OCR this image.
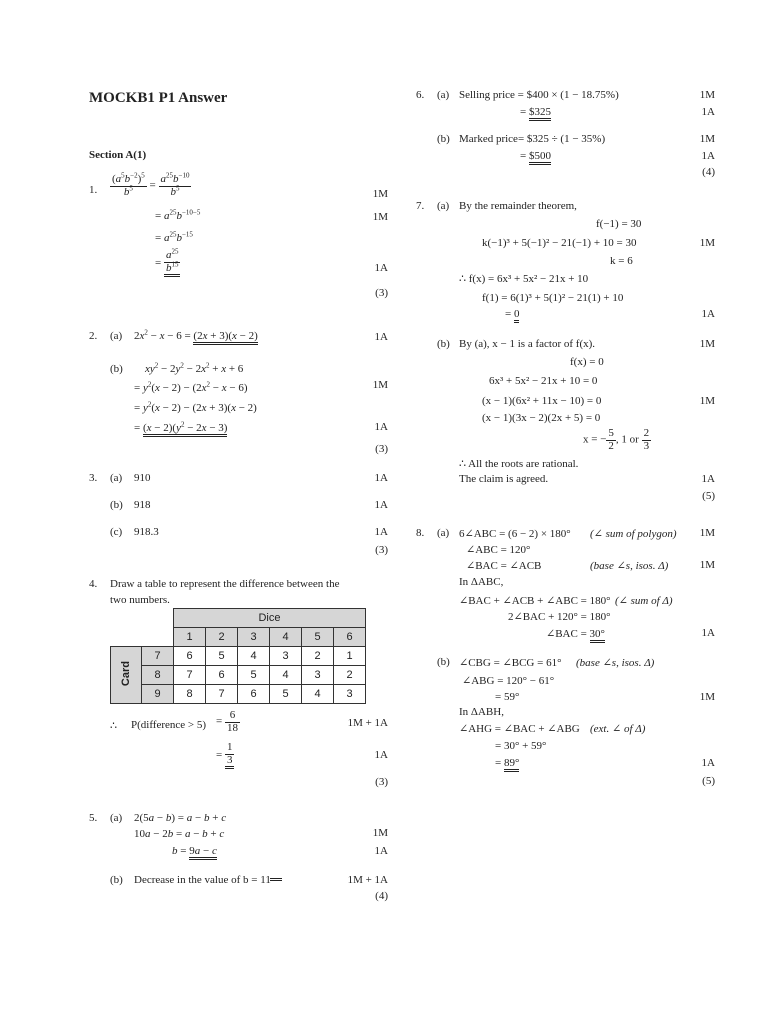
MOCKB1 P1 Answer
Section A(1)
1. $\frac{(a^5b^{-2})^5}{b^5} = \frac{a^{25}b^{-10}}{b^5}$
= $a^{25}b^{-10-5}$
= $a^{25}b^{-15}$
= $\frac{a^{25}}{b^{15}}$
1M
1M
1A
(3)
2. (a) $2x^2 - x - 6 = (2x + 3)(x - 2)$	1A
(b) $xy^2 - 2y^2 - 2x^2 + x + 6$
= $y^2(x - 2) - (2x^2 - x - 6)$
= $y^2(x - 2) - (2x + 3)(x - 2)$
= $(x - 2)(y^2 - 2x - 3)$
1M
1A
(3)
3. (a) 910	1A
(b) 918	1A
(c) 918.3	1A
(3)
4. Draw a table to represent the difference between the
two numbers.
		Dice					
		1	2	3	4	5	6
Card	7	6	5	4	3	2	1
	8	7	6	5	4	3	2
	9	8	7	6	5	4	3
∴ P(difference > $5) = \frac{6}{18}$
= $\frac{1}{3}$
1M + 1A
1A
(3)
5. (a) 2(5a − b) = a − b + c
10a − 2b = a − b + c
b = 9a − c
1M
1A
(b) Decrease in the value of b = 11	1M + 1A
(4)
6. (a) Selling price = $400 × (1 − 18.75%)
= $325
1M
1A
(b) Marked price= $325 ÷ (1 − 35%)
= $500
1M
1A
(4)
7. (a) By the remainder theorem,
f(−1) = 30
k(−1)³ + 5(−1)² − 21(−1) + 10 = 30
k = 6
∴ f(x) = 6x³ + 5x² − 21x + 10
f(1) = 6(1)³ + 5(1)² − 21(1) + 10
= 0
1M
1A
(b) By (a), x − 1 is a factor of f(x).
f(x) = 0
6x³ + 5x² − 21x + 10 = 0
(x − 1)(6x² + 11x − 10) = 0
(x − 1)(3x − 2)(2x + 5) = 0
x = − $\frac{5}{2}$ , 1 or $\frac{2}{3}$
∴ All the roots are rational.
The claim is agreed.
1M
1M
1A
(5)
8. (a) 6∠ABC = (6 − 2) × 180° (∠ sum of polygon)
∠ABC = 120°
∠BAC = ∠ACB	(base ∠s, isos. Δ)
In ΔABC,
∠BAC + ∠ACB + ∠ABC = 180° (∠ sum of Δ)
2∠BAC + 120° = 180°
∠BAC = 30°
1M
1M
1A
(b) ∠CBG = ∠BCG = 61° (base ∠s, isos. Δ)
∠ABG = 120° − 61°
= 59°
In ΔABH,
∠AHG = ∠BAC + ∠ABG (ext. ∠ of Δ)
= 30° + 59°
= 89°
1M
1A
(5)
